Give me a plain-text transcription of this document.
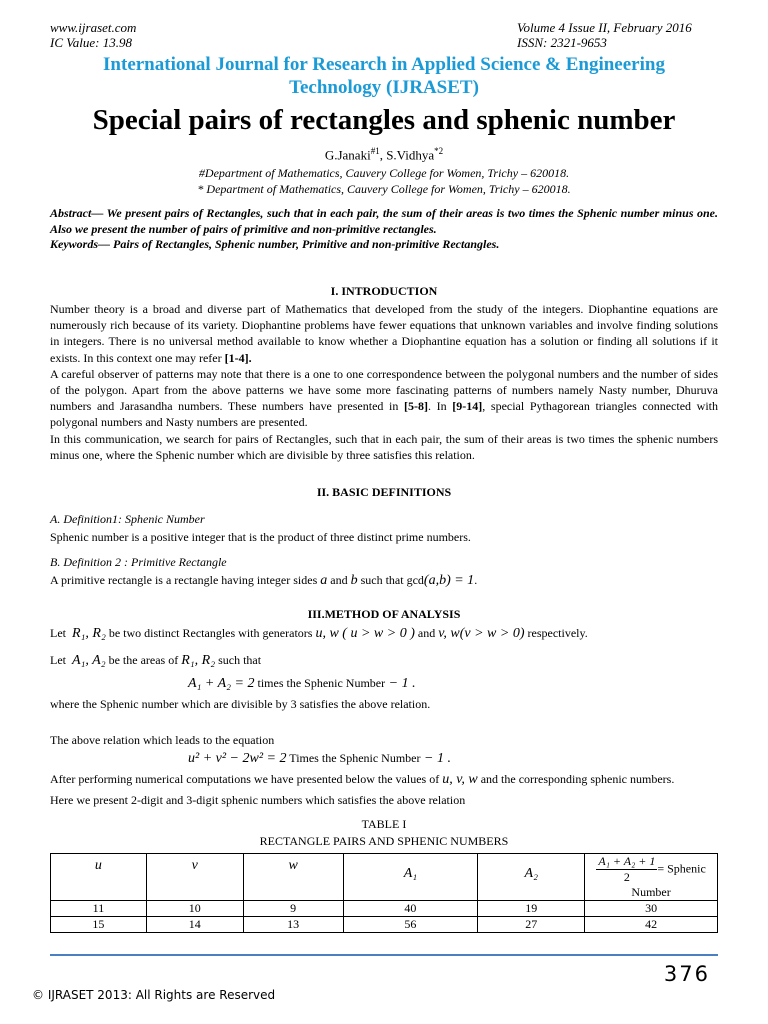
www.ijraset.com
IC Value: 13.98
Volume 4 Issue II, February 2016
ISSN: 2321-9653
International Journal for Research in Applied Science & Engineering
Technology (IJRASET)
Special pairs of rectangles and sphenic number
G.Janaki$^{\#1}$, S.Vidhya$^{*2}$
#Department of Mathematics, Cauvery College for Women, Trichy – 620018.
* Department of Mathematics, Cauvery College for Women, Trichy – 620018.

Abstract— We present pairs of Rectangles, such that in each pair, the sum of their areas is two times the Sphenic number minus one. Also we present the number of pairs of primitive and non-primitive rectangles.

Keywords— Pairs of Rectangles, Sphenic number, Primitive and non-primitive Rectangles.

I. INTRODUCTION

Number theory is a broad and diverse part of Mathematics that developed from the study of the integers. Diophantine equations are numerously rich because of its variety. Diophantine problems have fewer equations that unknown variables and involve finding solutions in integers. There is no universal method available to know whether a Diophantine equation has a solution or finding all solutions if it exists. In this context one may refer [1-4].

A careful observer of patterns may note that there is a one to one correspondence between the polygonal numbers and the number of sides of the polygon. Apart from the above patterns we have some more fascinating patterns of numbers namely Nasty number, Dhuruva numbers and Jarasandha numbers. These numbers have presented in [5-8]. In [9-14], special Pythagorean triangles connected with polygonal numbers and Nasty numbers are presented.

In this communication, we search for pairs of Rectangles, such that in each pair, the sum of their areas is two times the sphenic numbers minus one, where the Sphenic number which are divisible by three satisfies this relation.

II. BASIC DEFINITIONS
A. Definition1: Sphenic Number
Sphenic number is a positive integer that is the product of three distinct prime numbers.
B. Definition 2 : Primitive Rectangle
A primitive rectangle is a rectangle having integer sides a and b such that gcd(a,b) = 1.
III.METHOD OF ANALYSIS
Let R₁, R₂ be two distinct Rectangles with generators u, w ( u > w > 0 ) and v, w(v > w > 0) respectively.
Let A₁, A₂ be the areas of R₁, R₂ such that
A₁ + A₂ = 2 times the Sphenic Number − 1 .
where the Sphenic number which are divisible by 3 satisfies the above relation.
The above relation which leads to the equation
u² + v² − 2w² = 2 Times the Sphenic Number − 1 .
After performing numerical computations we have presented below the values of u, v, w and the corresponding sphenic numbers.
Here we present 2-digit and 3-digit sphenic numbers which satisfies the above relation
TABLE I
RECTANGLE PAIRS AND SPHENIC NUMBERS
u	v	w	A₁	A₂	$\frac{\text{A₁ + A₂ + 1}}{2}$ = Sphenic Number
11	10	9	40	19	30
15	14	13	56	27	42
376
© IJRASET 2013: All Rights are Reserved
